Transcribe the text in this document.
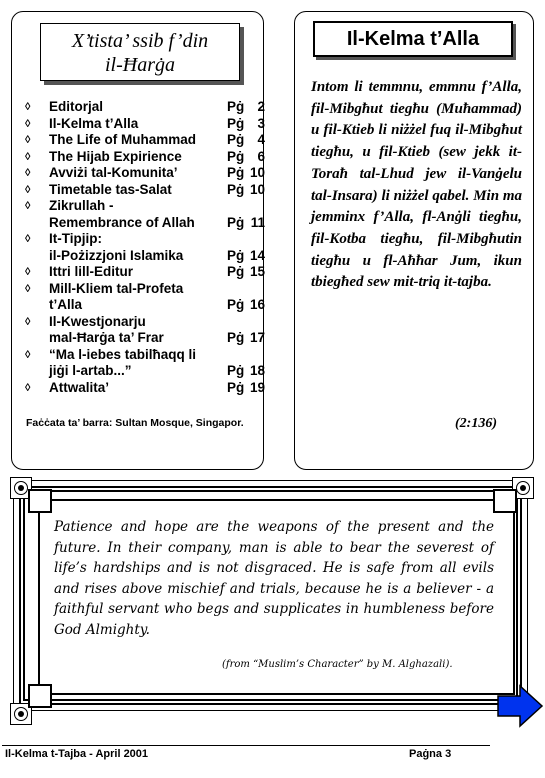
X’tista’ ssib f’din
il-Ħarġa
◊	Editorjal	Pġ 2
◊	Il-Kelma t’Alla	Pġ 3
◊	The Life of Muhammad	Pġ 4
◊	The Hijab Expirience	Pġ 6
◊	Avviżi tal-Komunita’	Pġ 10
◊	Timetable tas-Salat	Pġ 10
◊	Zikrullah -
Remembrance of Allah	Pġ 11
◊	It-Tipjip:
il-Pożizzjoni Islamika	Pġ 14
◊	Ittri lill-Editur	Pġ 15
◊	Mill-Kliem tal-Profeta
t’Alla	Pġ 16
◊	Il-Kwestjonarju
mal-Ħarġa ta’ Frar	Pġ 17
◊	“Ma l-iebes tabilħaqq li
jiġi l-artab...”	Pġ 18
◊	Attwalita’	Pġ 19
Faċċata ta’ barra: Sultan Mosque, Singapor.
Il-Kelma t’Alla
Intom li temmnu, emmnu f’Alla, fil-Mibgħut tiegħu (Muħammad) u fil-Ktieb li niżżel fuq il-Mibgħut tiegħu, u fil-Ktieb (sew jekk it-Toraħ tal-Lhud jew il-Vanġelu tal-Insara) li niżżel qabel. Min ma jemminx f’Alla, fl-Anġli tiegħu, fil-Kotba tiegħu, fil-Mibgħutin tiegħu u fl-Aħħar Jum, ikun tbiegħed sew mit-triq it-tajba.
(2:136)
Patience and hope are the weapons of the present and the future. In their company, man is able to bear the severest of life’s hardships and is not disgraced. He is safe from all evils and rises above mischief and trials, because he is a believer - a faithful servant who begs and supplicates in humbleness before God Almighty.
(from “Muslim’s Character” by M. Alghazali).
Il-Kelma t-Tajba - April 2001	Paġna 3
